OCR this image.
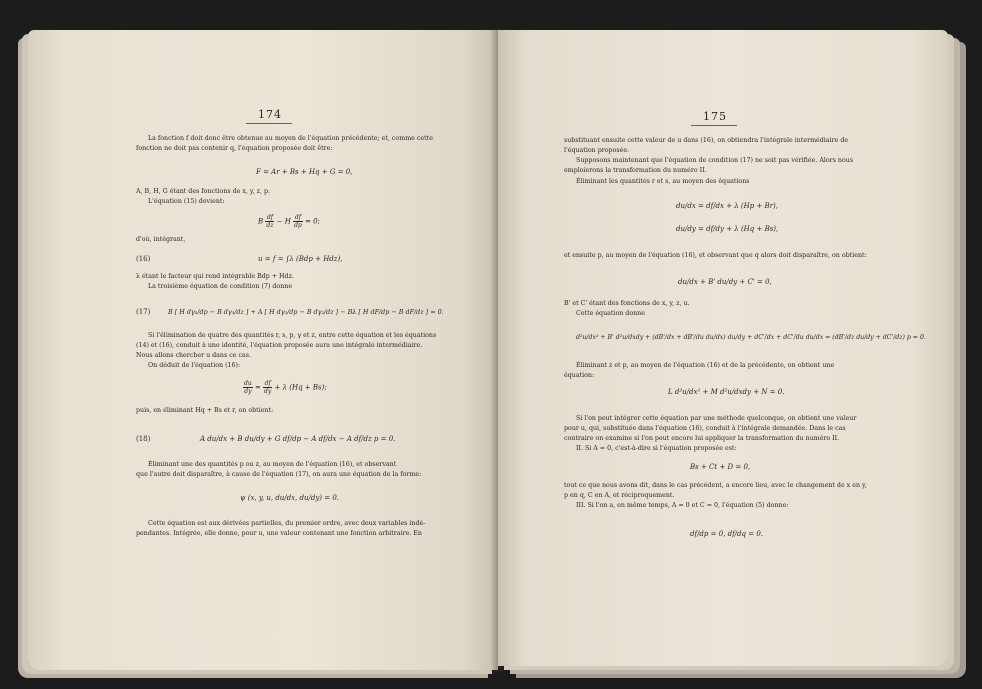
174
La fonction f doit donc être obtenue au moyen de l'équation précédente; et, comme cette
fonction ne doit pas contenir q, l'équation proposée doit être:
F = Ar + Bs + Hq + G = 0,
A, B, H, G étant des fonctions de x, y, z, p.
L'équation (15) devient:
B $\frac{df}{dz} - H \frac{df}{dp} = 0$;
d'où, intégrant,
(16)	u = f = ∫λ (Bdp + Hdz),
λ étant le facteur qui rend intégrable Bdp + Hdz.
La troisième équation de condition (7) donne
(17)	B [ H dγ₃/dp − B dγ₃/dz ] + A [ H dγ₂/dp − B dγ₂/dz ] − Bλ [ H dF/dp − B dF/dz ] = 0.
Si l'élimination de quatre des quantités r, s, p, γ et z, entre cette équation et les équations
(14) et (16), conduit à une identité, l'équation proposée aura une intégrale intermédiaire.
Nous allons chercher u dans ce cas.
On déduit de l'équation (16):
$\frac{du}{dy} = \frac{df}{dy} + \lambda$ (Hq + Bs);
puis, en éliminant Hq + Bs et r, on obtient:
(18)	A du/dx + B du/dy + G df/dp − A df/dx − A df/dz p = 0.
Éliminant une des quantités p ou z, au moyen de l'équation (16), et observant
que l'autre doit disparaître, à cause de l'équation (17), on aura une équation de la forme:
ψ (x, y, u, du/dx, du/dy) = 0.
Cette équation est aux dérivées partielles, du premier ordre, avec deux variables indé-
pendantes. Intégrée, elle donne, pour u, une valeur contenant une fonction arbitraire. En
175
substituant ensuite cette valeur de u dans (16), on obtiendra l'intégrale intermédiaire de
l'équation proposée.
Supposons maintenant que l'équation de condition (17) ne soit pas vérifiée. Alors nous
emploierons la transformation du numéro II.
Éliminant les quantités r et s, au moyen des équations
du/dx = df/dx + λ (Hp + Br),
du/dy = df/dy + λ (Hq + Bs),
et ensuite p, au moyen de l'équation (16), et observant que q alors doit disparaître, on obtient:
du/dx + B' du/dy + C' = 0,
B' et C' étant des fonctions de x, y, z, u.
Cette équation donne
d²u/dx² + B' d²u/dxdy + (dB'/dx + dB'/du du/dx) du/dy + dC'/dx + dC'/du du/dx = (dB'/dz du/dy + dC'/dz) p = 0.
Éliminant z et p, au moyen de l'équation (16) et de la précédente, on obtient une
équation:
L d²u/dx² + M d²u/dxdy + N = 0.
Si l'on peut intégrer cette équation par une méthode quelconque, on obtient une valeur
pour u, qui, substituée dans l'équation (16), conduit à l'intégrale demandée. Dans le cas
contraire on examine si l'on peut encore lui appliquer la transformation du numéro II.
II. Si A = 0, c'est-à-dire si l'équation proposée est:
Bs + Ct + D = 0,
tout ce que nous avons dit, dans le cas précédent, a encore lieu, avec le changement de x en y,
p en q, C en A, et réciproquement.
III. Si l'on a, en même temps, A = 0 et C = 0, l'équation (5) donne:
df/dp = 0, df/dq = 0.
